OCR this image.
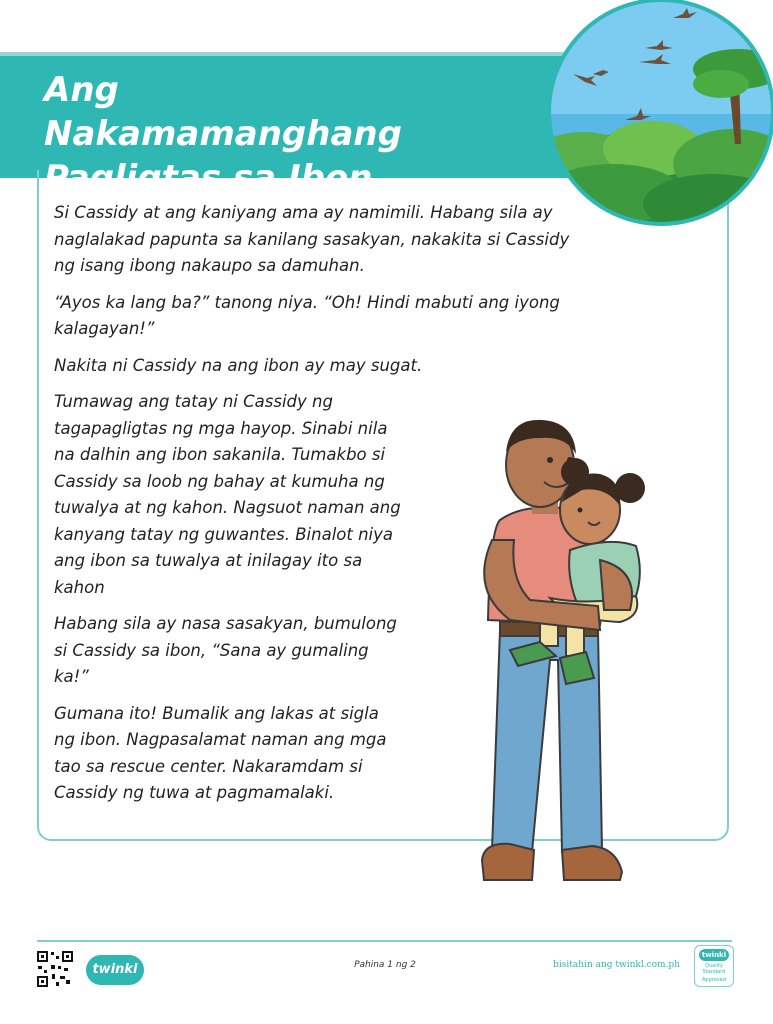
Ang
Nakamamanghang
Pagligtas sa Ibon

Si Cassidy at ang kaniyang ama ay namimili. Habang sila ay naglalakad papunta sa kanilang sasakyan, nakakita si Cassidy ng isang ibong nakaupo sa damuhan.

“Ayos ka lang ba?” tanong niya. “Oh! Hindi mabuti ang iyong kalagayan!”

Nakita ni Cassidy na ang ibon ay may sugat.

Tumawag ang tatay ni Cassidy ng tagapagligtas ng mga hayop. Sinabi nila na dalhin ang ibon sakanila. Tumakbo si Cassidy sa loob ng bahay at kumuha ng tuwalya at ng kahon. Nagsuot naman ang kanyang tatay ng guwantes. Binalot niya ang ibon sa tuwalya at inilagay ito sa kahon

Habang sila ay nasa sasakyan, bumulong si Cassidy sa ibon, “Sana ay gumaling ka!”

Gumana ito! Bumalik ang lakas at sigla ng ibon. Nagpasalamat naman ang mga tao sa rescue center. Nakaramdam si Cassidy ng tuwa at pagmamalaki.

twinkl	Pahina 1 ng 2	bisitahin ang twinkl.com.ph
twinkl
Quality Standard
Approved
